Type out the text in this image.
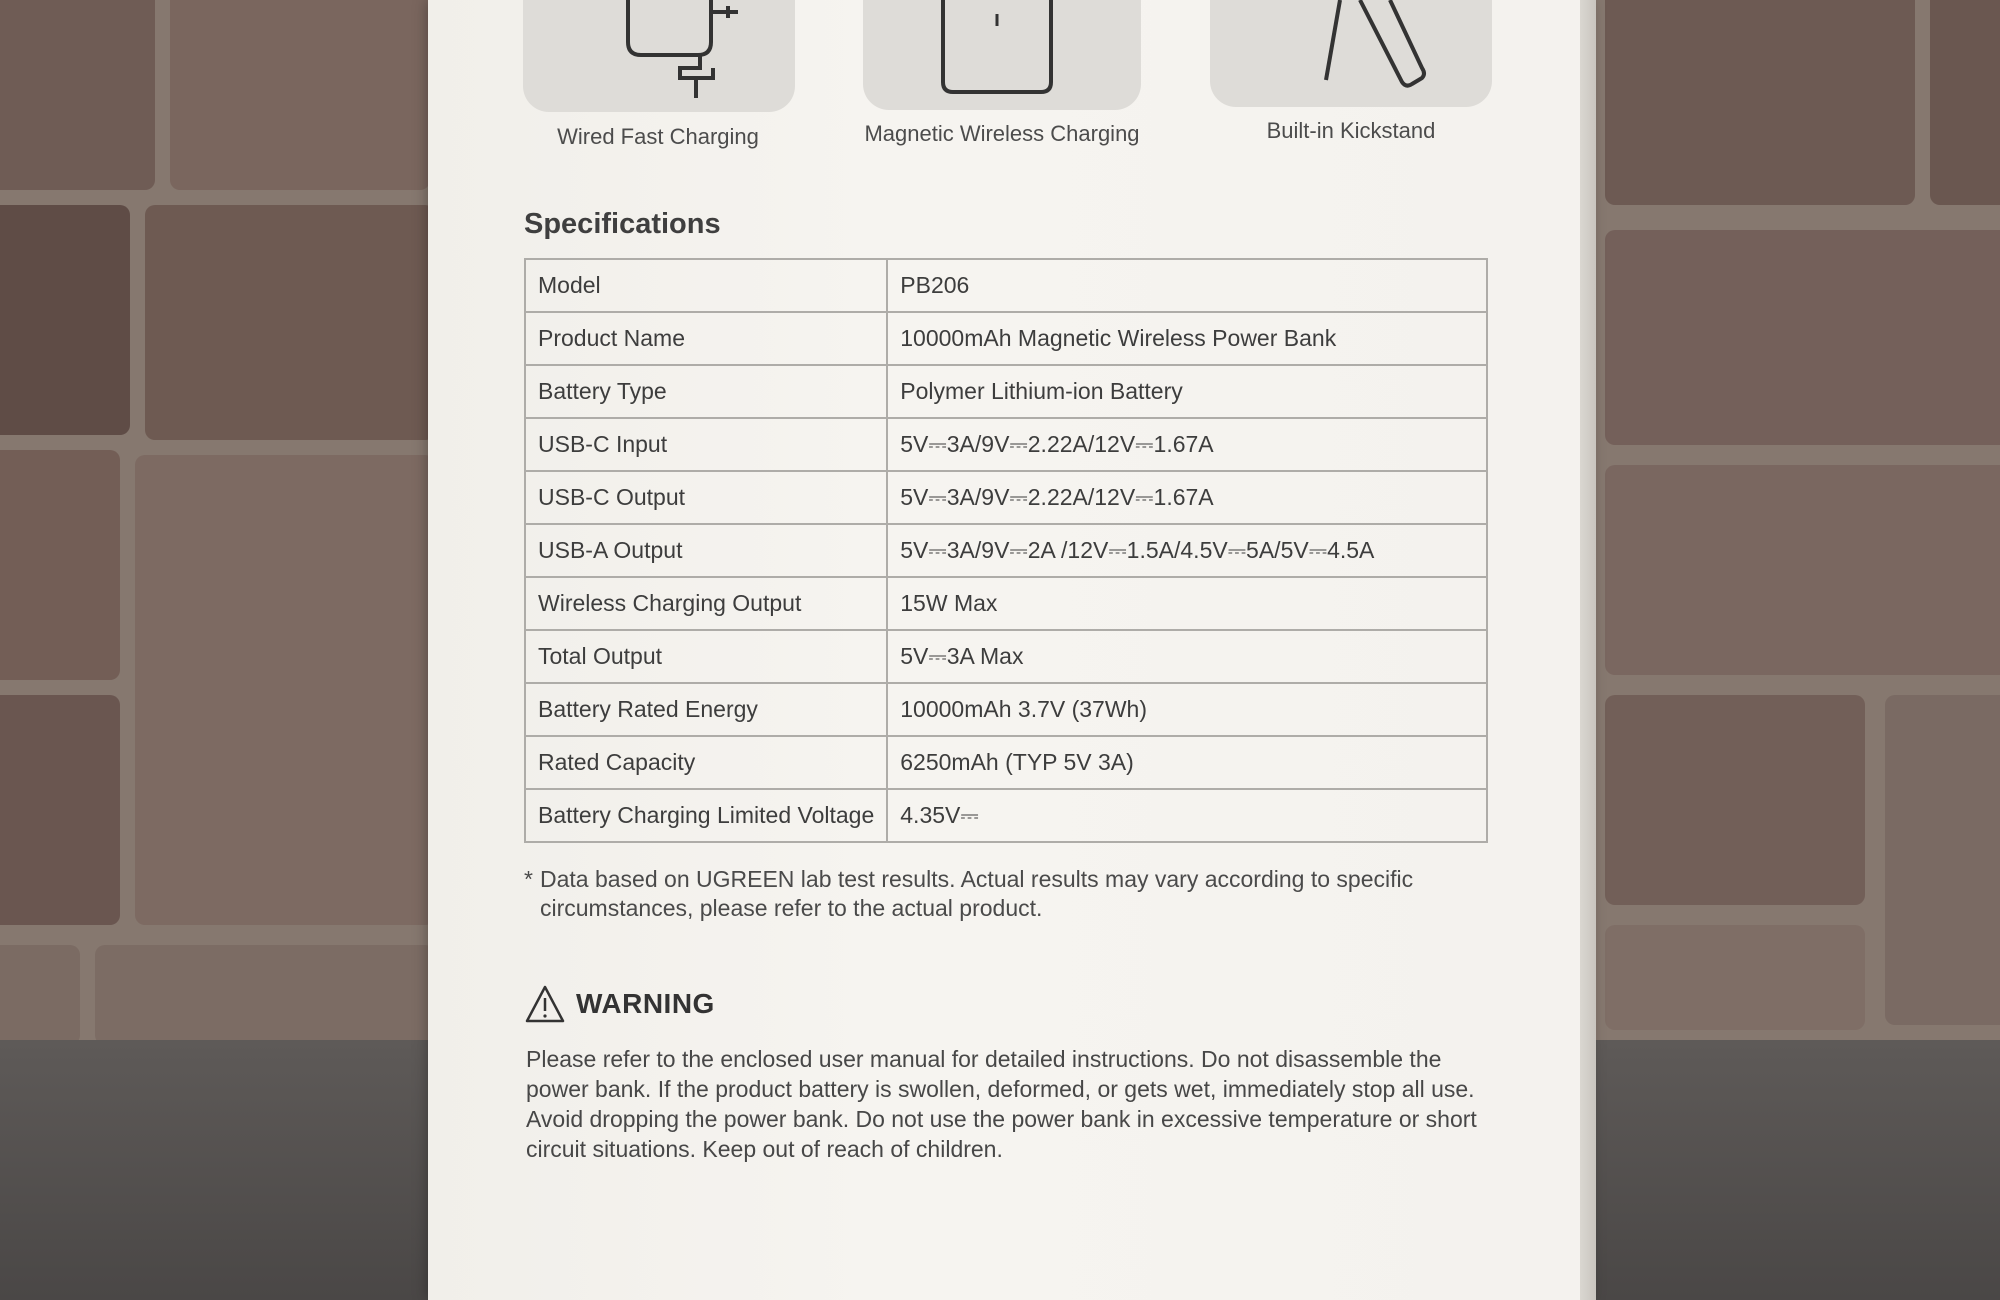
Wired Fast Charging	Magnetic Wireless Charging	Built-in Kickstand
Specifications
Model	PB206
Product Name	10000mAh Magnetic Wireless Power Bank
Battery Type	Polymer Lithium-ion Battery
USB-C Input	5V⎓3A/9V⎓2.22A/12V⎓1.67A
USB-C Output	5V⎓3A/9V⎓2.22A/12V⎓1.67A
USB-A Output	5V⎓3A/9V⎓2A /12V⎓1.5A/4.5V⎓5A/5V⎓4.5A
Wireless Charging Output	15W Max
Total Output	5V⎓3A Max
Battery Rated Energy	10000mAh 3.7V (37Wh)
Rated Capacity	6250mAh (TYP 5V 3A)
Battery Charging Limited Voltage	4.35V⎓
* Data based on UGREEN lab test results. Actual results may vary according to specific circumstances, please refer to the actual product.
WARNING
Please refer to the enclosed user manual for detailed instructions. Do not disassemble the power bank. If the product battery is swollen, deformed, or gets wet, immediately stop all use. Avoid dropping the power bank. Do not use the power bank in excessive temperature or short circuit situations. Keep out of reach of children.
